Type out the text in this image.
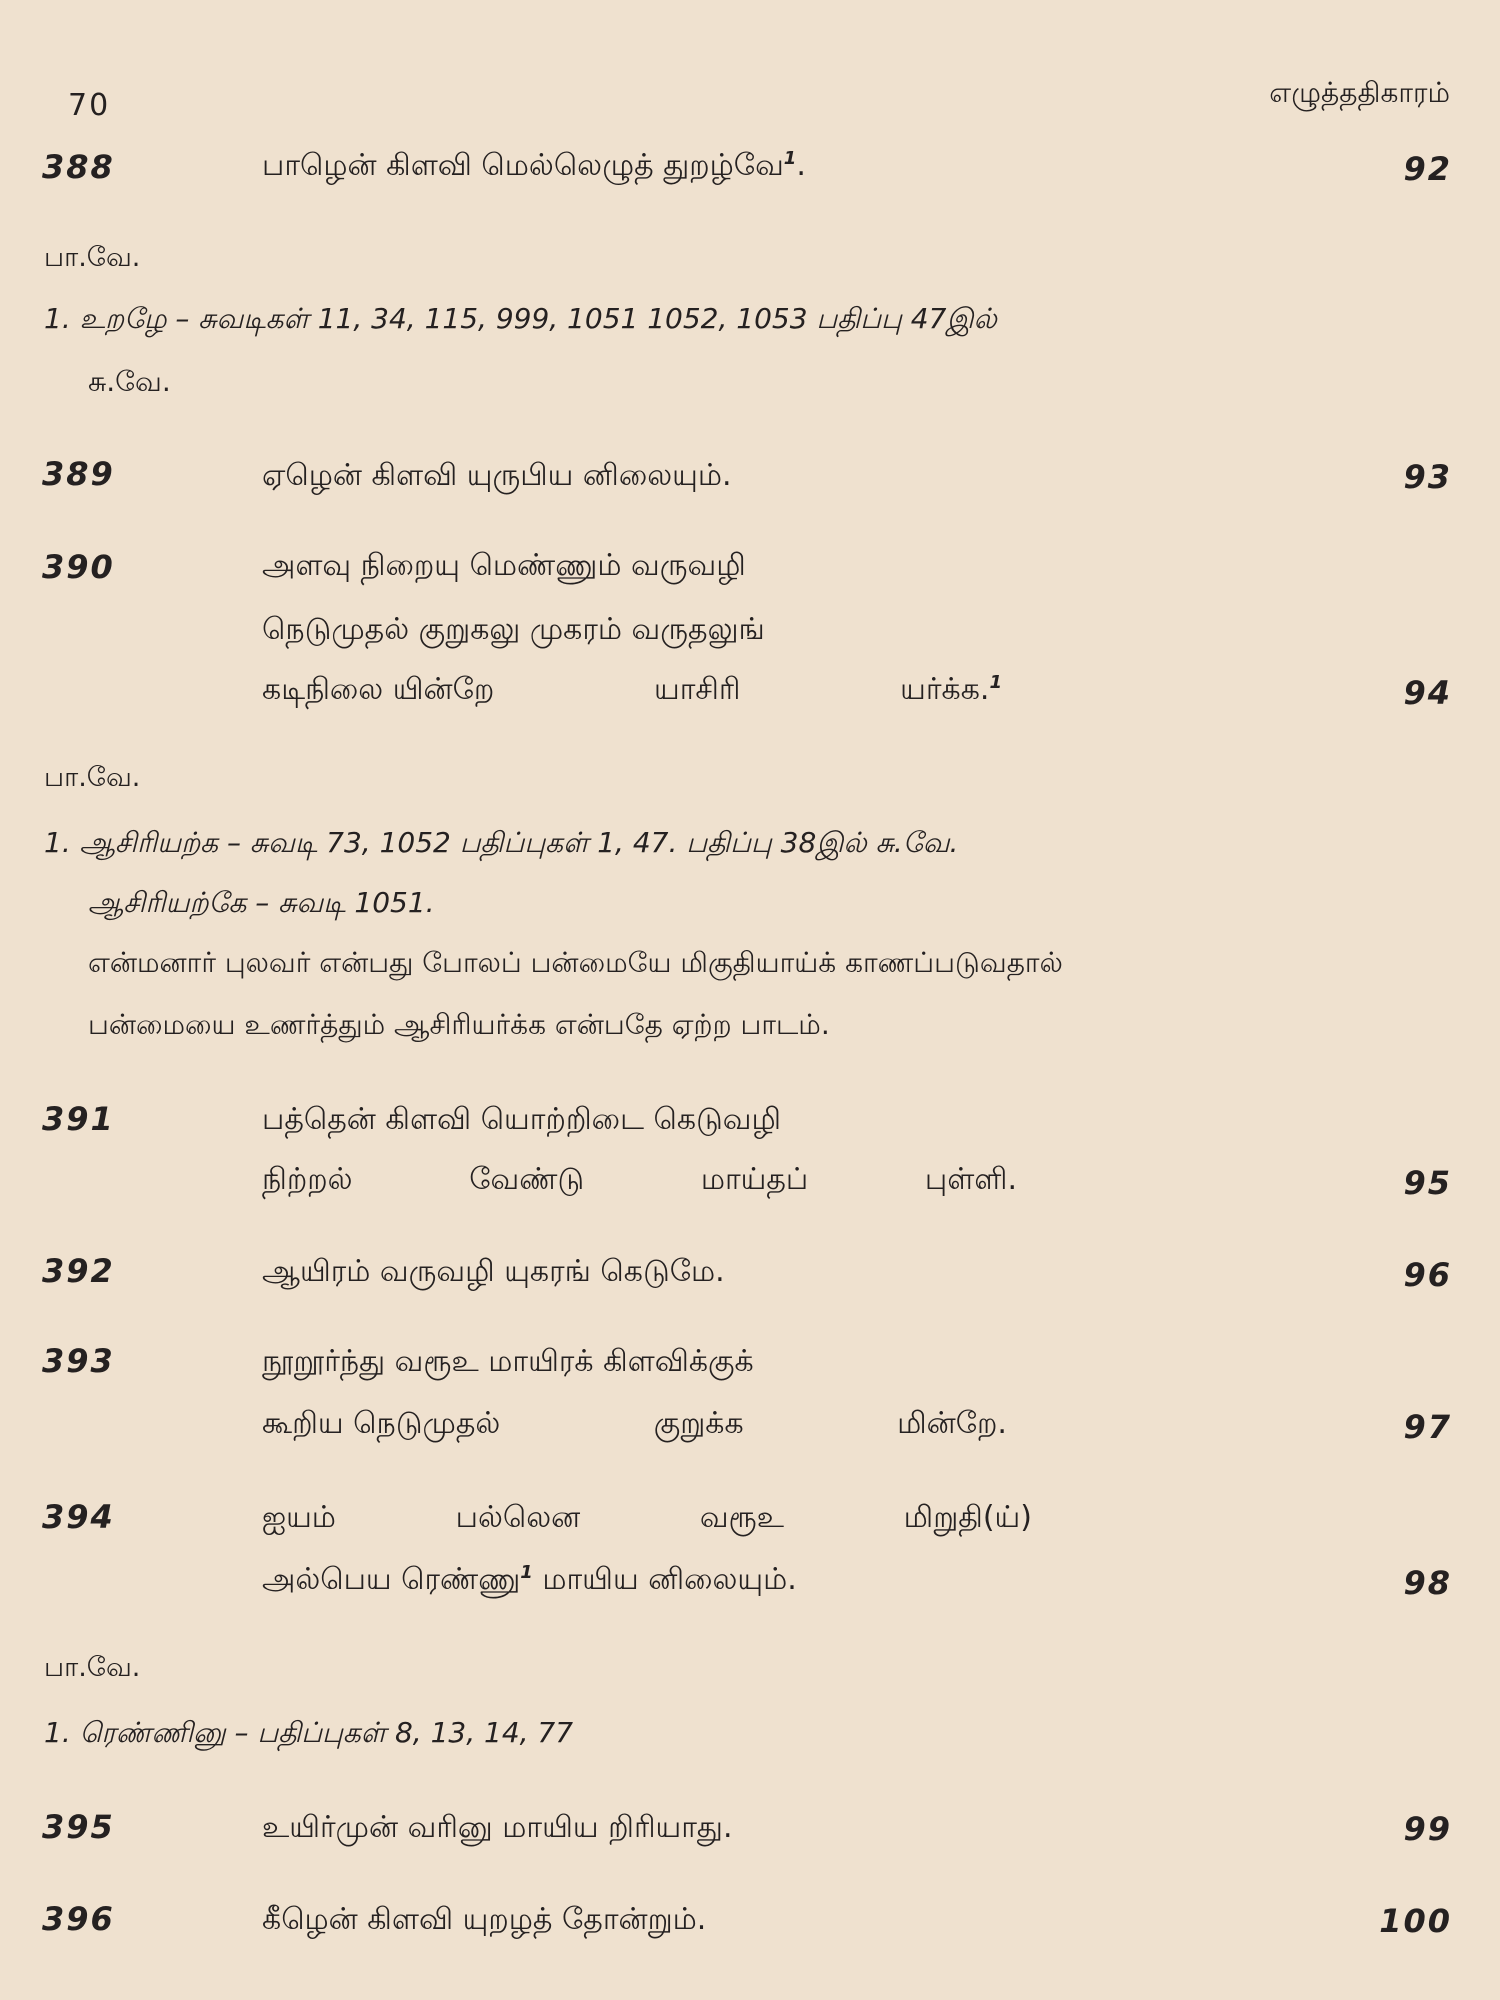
70	எழுத்ததிகாரம்
388	பாழென் கிளவி மெல்லெழுத் துறழ்வே$^1$.	92
பா.வே.
1. உறழே – சுவடிகள் 11, 34, 115, 999, 1051 1052, 1053 பதிப்பு 47இல்
சு.வே.
389	ஏழென் கிளவி யுருபிய னிலையும்.	93
390	அளவு நிறையு மெண்ணும் வருவழி
நெடுமுதல் குறுகலு முகரம் வருதலுங்
கடிநிலை யின்றே	யாசிரி	யர்க்க.$^1$	94
பா.வே.
1. ஆசிரியற்க – சுவடி 73, 1052 பதிப்புகள் 1, 47. பதிப்பு 38இல் சு.வே.
ஆசிரியற்கே – சுவடி 1051.
என்மனார் புலவர் என்பது போலப் பன்மையே மிகுதியாய்க் காணப்படுவதால்
பன்மையை உணர்த்தும் ஆசிரியர்க்க என்பதே ஏற்ற பாடம்.
391	பத்தென் கிளவி யொற்றிடை கெடுவழி
நிற்றல்	வேண்டு	மாய்தப்	புள்ளி.	95
392	ஆயிரம் வருவழி யுகரங் கெடுமே.	96
393	நூறூர்ந்து வரூஉ மாயிரக் கிளவிக்குக்
கூறிய நெடுமுதல்	குறுக்க	மின்றே.	97
394	ஐயம்	பல்லென	வரூஉ	மிறுதி(ய்)
அல்பெய ரெண்ணு$^1$ மாயிய னிலையும்.	98
பா.வே.
1. ரெண்ணினு – பதிப்புகள் 8, 13, 14, 77
395	உயிர்முன் வரினு மாயிய றிரியாது.	99
396	கீழென் கிளவி யுறழத் தோன்றும்.	100
